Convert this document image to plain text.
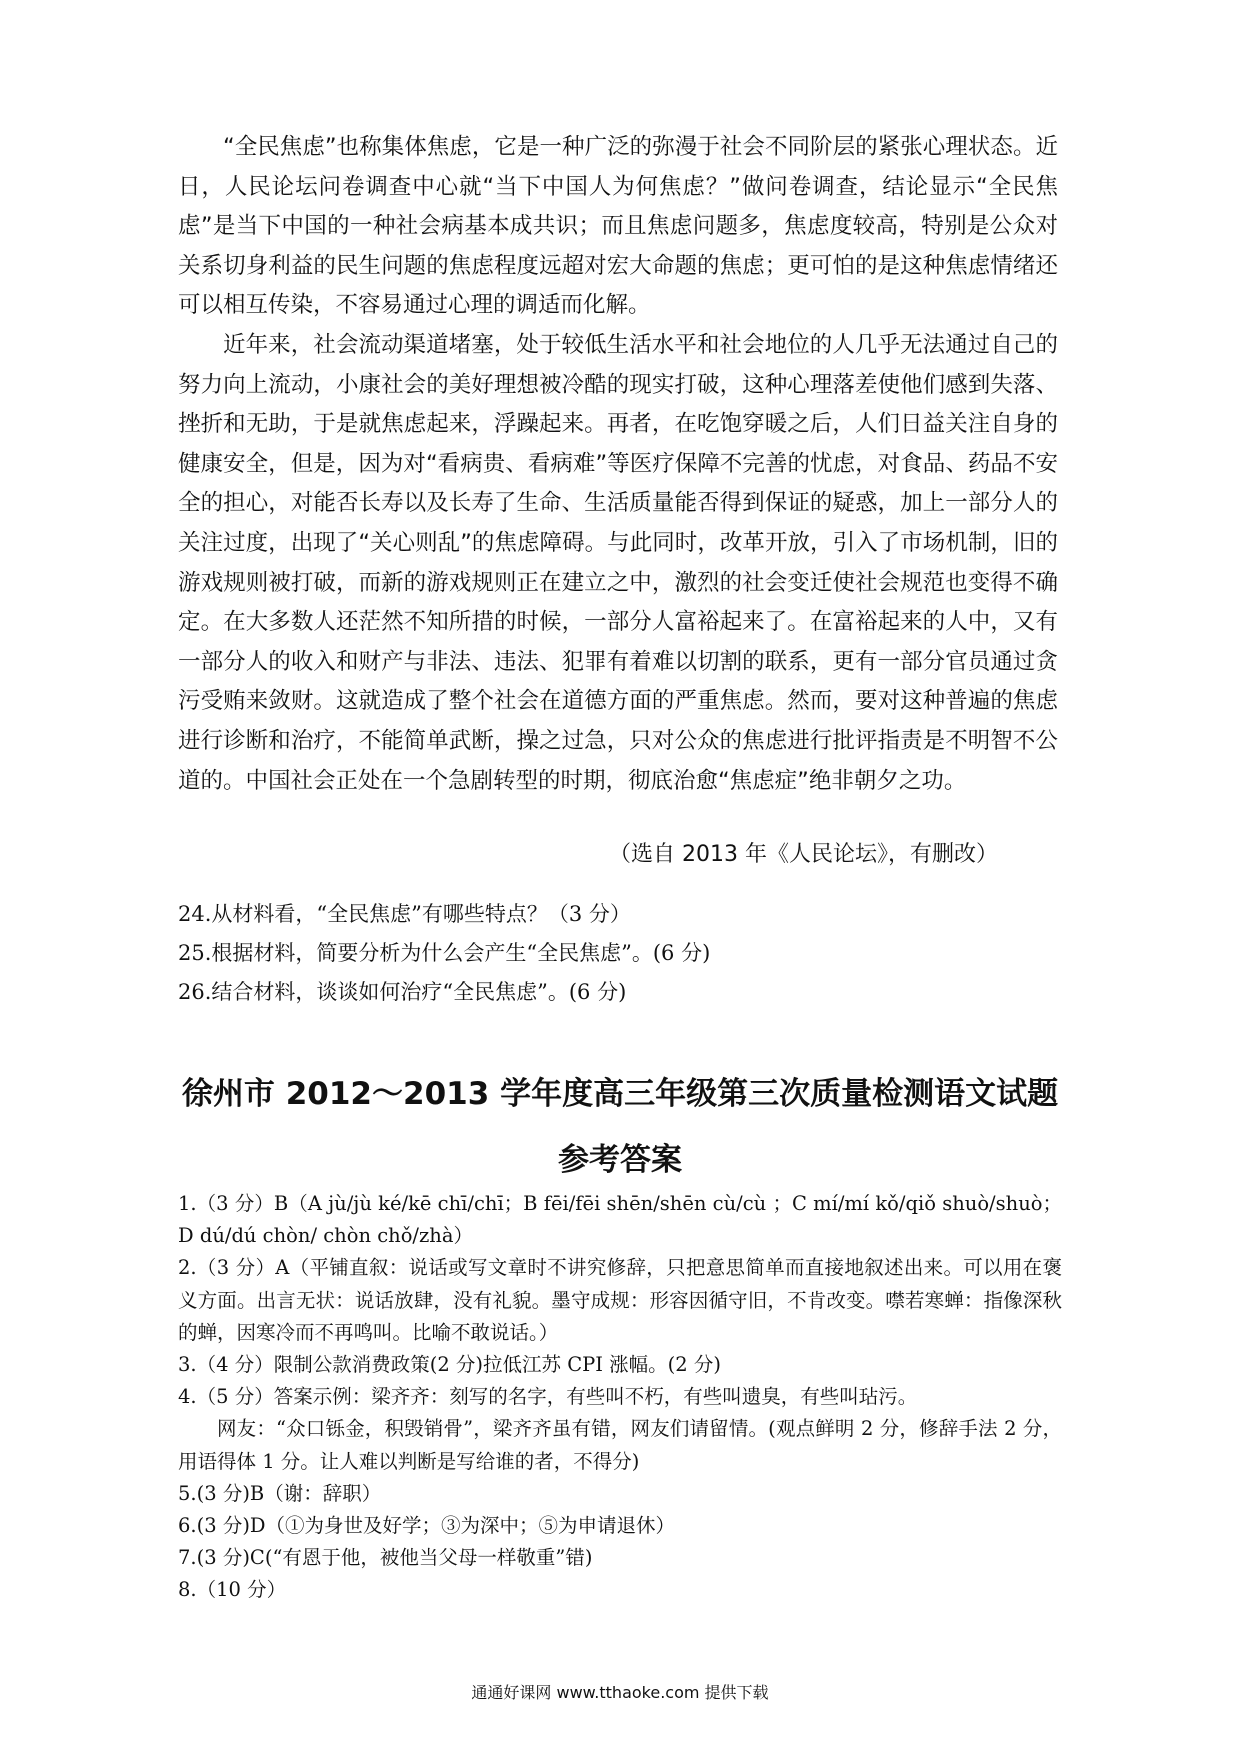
“全民焦虑”也称集体焦虑，它是一种广泛的弥漫于社会不同阶层的紧张心理状态。近日，人民论坛问卷调查中心就“当下中国人为何焦虑？”做问卷调查，结论显示“全民焦虑”是当下中国的一种社会病基本成共识；而且焦虑问题多，焦虑度较高，特别是公众对关系切身利益的民生问题的焦虑程度远超对宏大命题的焦虑；更可怕的是这种焦虑情绪还可以相互传染，不容易通过心理的调适而化解。

近年来，社会流动渠道堵塞，处于较低生活水平和社会地位的人几乎无法通过自己的努力向上流动，小康社会的美好理想被冷酷的现实打破，这种心理落差使他们感到失落、挫折和无助，于是就焦虑起来，浮躁起来。再者，在吃饱穿暖之后，人们日益关注自身的健康安全，但是，因为对“看病贵、看病难”等医疗保障不完善的忧虑，对食品、药品不安全的担心，对能否长寿以及长寿了生命、生活质量能否得到保证的疑惑，加上一部分人的关注过度，出现了“关心则乱”的焦虑障碍。与此同时，改革开放，引入了市场机制，旧的游戏规则被打破，而新的游戏规则正在建立之中，激烈的社会变迁使社会规范也变得不确定。在大多数人还茫然不知所措的时候，一部分人富裕起来了。在富裕起来的人中，又有一部分人的收入和财产与非法、违法、犯罪有着难以切割的联系，更有一部分官员通过贪污受贿来敛财。这就造成了整个社会在道德方面的严重焦虑。然而，要对这种普遍的焦虑进行诊断和治疗，不能简单武断，操之过急，只对公众的焦虑进行批评指责是不明智不公道的。中国社会正处在一个急剧转型的时期，彻底治愈“焦虑症”绝非朝夕之功。

（选自 2013 年《人民论坛》，有删改）
24.从材料看，“全民焦虑”有哪些特点？（3 分）
25.根据材料，简要分析为什么会产生“全民焦虑”。(6 分)
26.结合材料，谈谈如何治疗“全民焦虑”。(6 分)
徐州市 2012～2013 学年度高三年级第三次质量检测语文试题
参考答案
1.（3 分）B（A jù/jù ké/kē chī/chī；B fēi/fēi shēn/shēn cù/cù ；C mí/mí kǒ/qiǒ shuò/shuò；D dú/dú chòn/ chòn chǒ/zhà）
2.（3 分）A（平铺直叙：说话或写文章时不讲究修辞，只把意思简单而直接地叙述出来。可以用在褒义方面。出言无状：说话放肆，没有礼貌。墨守成规：形容因循守旧，不肯改变。噤若寒蝉：指像深秋的蝉，因寒冷而不再鸣叫。比喻不敢说话。）
3.（4 分）限制公款消费政策(2 分)拉低江苏 CPI 涨幅。(2 分)
4.（5 分）答案示例：梁齐齐：刻写的名字，有些叫不朽，有些叫遗臭，有些叫玷污。
网友：“众口铄金，积毁销骨”，梁齐齐虽有错，网友们请留情。(观点鲜明 2 分，修辞手法 2 分，用语得体 1 分。让人难以判断是写给谁的者，不得分)
5.(3 分)B（谢：辞职）
6.(3 分)D（①为身世及好学；③为深中；⑤为申请退休）
7.(3 分)C(“有恩于他，被他当父母一样敬重”错)
8.（10 分）
通通好课网 www.tthaoke.com 提供下载
